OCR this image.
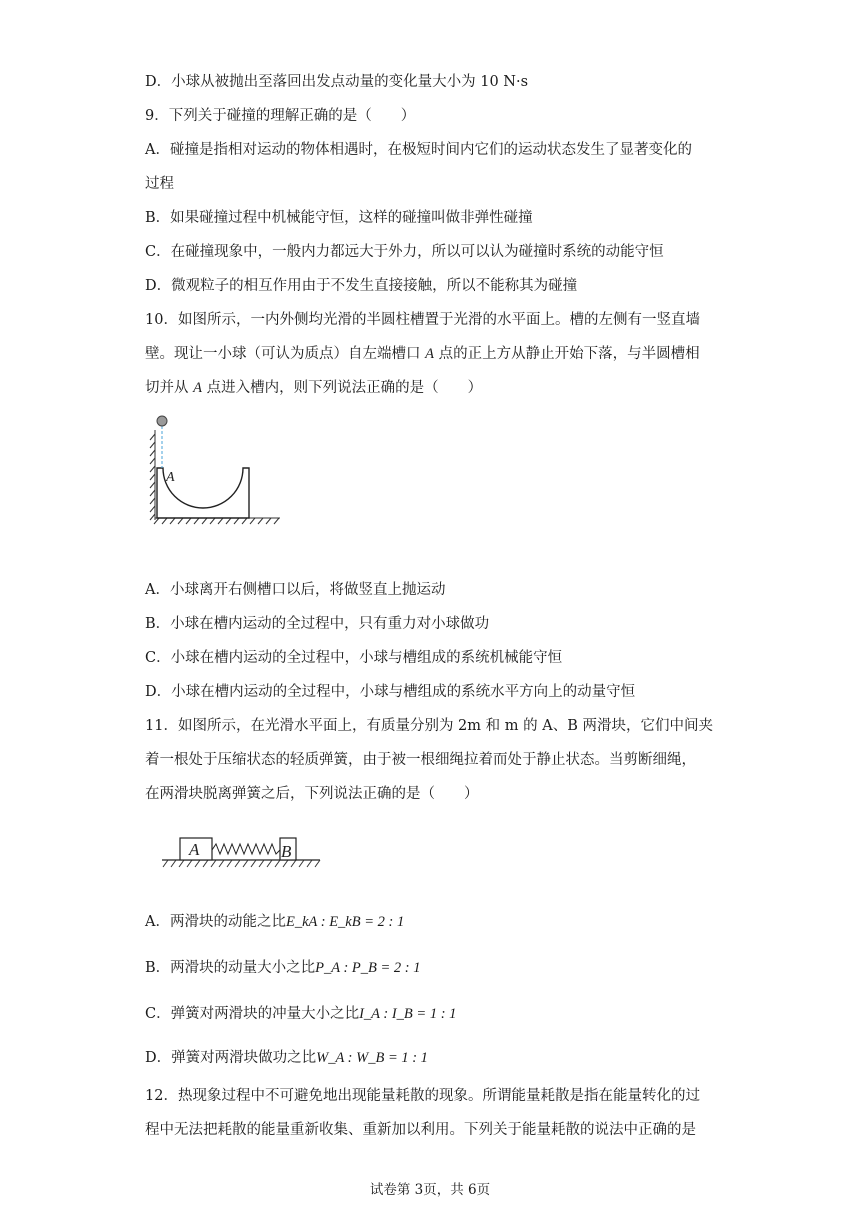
D．小球从被抛出至落回出发点动量的变化量大小为 10 N·s
9．下列关于碰撞的理解正确的是（　　）
A．碰撞是指相对运动的物体相遇时，在极短时间内它们的运动状态发生了显著变化的
过程
B．如果碰撞过程中机械能守恒，这样的碰撞叫做非弹性碰撞
C．在碰撞现象中，一般内力都远大于外力，所以可以认为碰撞时系统的动能守恒
D．微观粒子的相互作用由于不发生直接接触，所以不能称其为碰撞
10．如图所示，一内外侧均光滑的半圆柱槽置于光滑的水平面上。槽的左侧有一竖直墙
壁。现让一小球（可认为质点）自左端槽口 A 点的正上方从静止开始下落，与半圆槽相
切并从 A 点进入槽内，则下列说法正确的是（　　）
A
A．小球离开右侧槽口以后，将做竖直上抛运动
B．小球在槽内运动的全过程中，只有重力对小球做功
C．小球在槽内运动的全过程中，小球与槽组成的系统机械能守恒
D．小球在槽内运动的全过程中，小球与槽组成的系统水平方向上的动量守恒
11．如图所示，在光滑水平面上，有质量分别为 2m 和 m 的 A、B 两滑块，它们中间夹
着一根处于压缩状态的轻质弹簧，由于被一根细绳拉着而处于静止状态。当剪断细绳，
在两滑块脱离弹簧之后，下列说法正确的是（　　）
A	B
A．两滑块的动能之比E_kA : E_kB = 2 : 1
B．两滑块的动量大小之比P_A : P_B = 2 : 1
C．弹簧对两滑块的冲量大小之比I_A : I_B = 1 : 1
D．弹簧对两滑块做功之比W_A : W_B = 1 : 1
12．热现象过程中不可避免地出现能量耗散的现象。所谓能量耗散是指在能量转化的过
程中无法把耗散的能量重新收集、重新加以利用。下列关于能量耗散的说法中正确的是
试卷第 3页，共 6页
